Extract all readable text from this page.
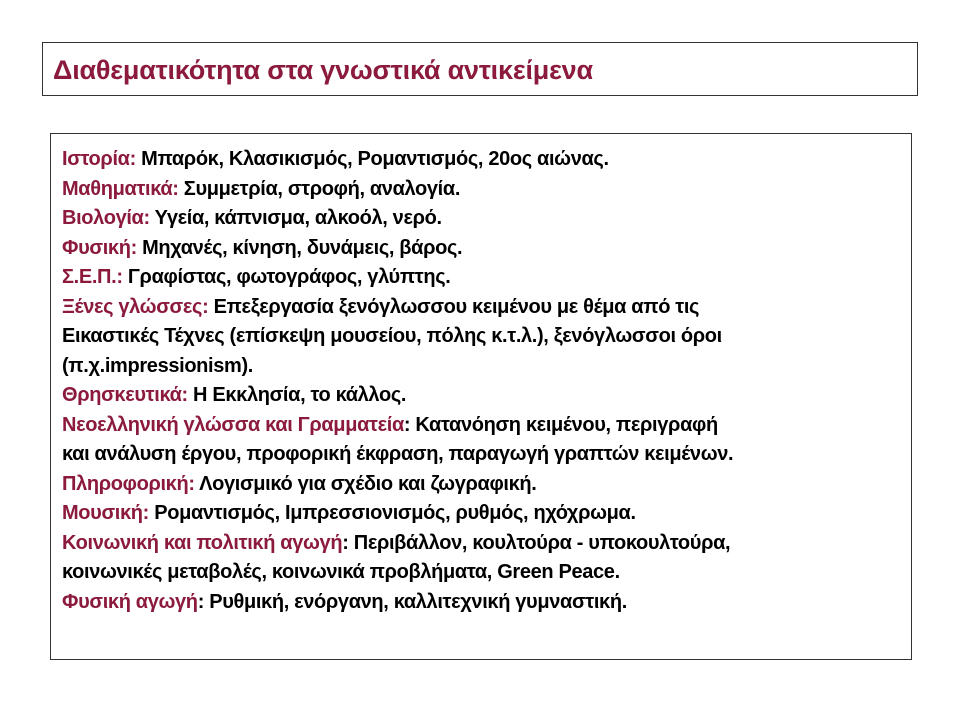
Διαθεματικότητα στα γνωστικά αντικείμενα
Ιστορία: Μπαρόκ, Κλασικισμός, Ρομαντισμός, 20ος αιώνας.
Μαθηματικά: Συμμετρία, στροφή, αναλογία.
Βιολογία: Υγεία, κάπνισμα, αλκοόλ, νερό.
Φυσική: Μηχανές, κίνηση, δυνάμεις, βάρος.
Σ.Ε.Π.: Γραφίστας, φωτογράφος, γλύπτης.
Ξένες γλώσσες: Επεξεργασία ξενόγλωσσου κειμένου με θέμα από τις
Εικαστικές Τέχνες (επίσκεψη μουσείου, πόλης κ.τ.λ.), ξενόγλωσσοι όροι
(π.χ.impressionism).
Θρησκευτικά: Η Εκκλησία, το κάλλος.
Νεοελληνική γλώσσα και Γραμματεία: Κατανόηση κειμένου, περιγραφή
και ανάλυση έργου, προφορική έκφραση, παραγωγή γραπτών κειμένων.
Πληροφορική: Λογισμικό για σχέδιο και ζωγραφική.
Μουσική: Ρομαντισμός, Ιμπρεσσιονισμός, ρυθμός, ηχόχρωμα.
Κοινωνική και πολιτική αγωγή: Περιβάλλον, κουλτούρα - υποκουλτούρα,
κοινωνικές μεταβολές, κοινωνικά προβλήματα, Green Peace.
Φυσική αγωγή: Ρυθμική, ενόργανη, καλλιτεχνική γυμναστική.
